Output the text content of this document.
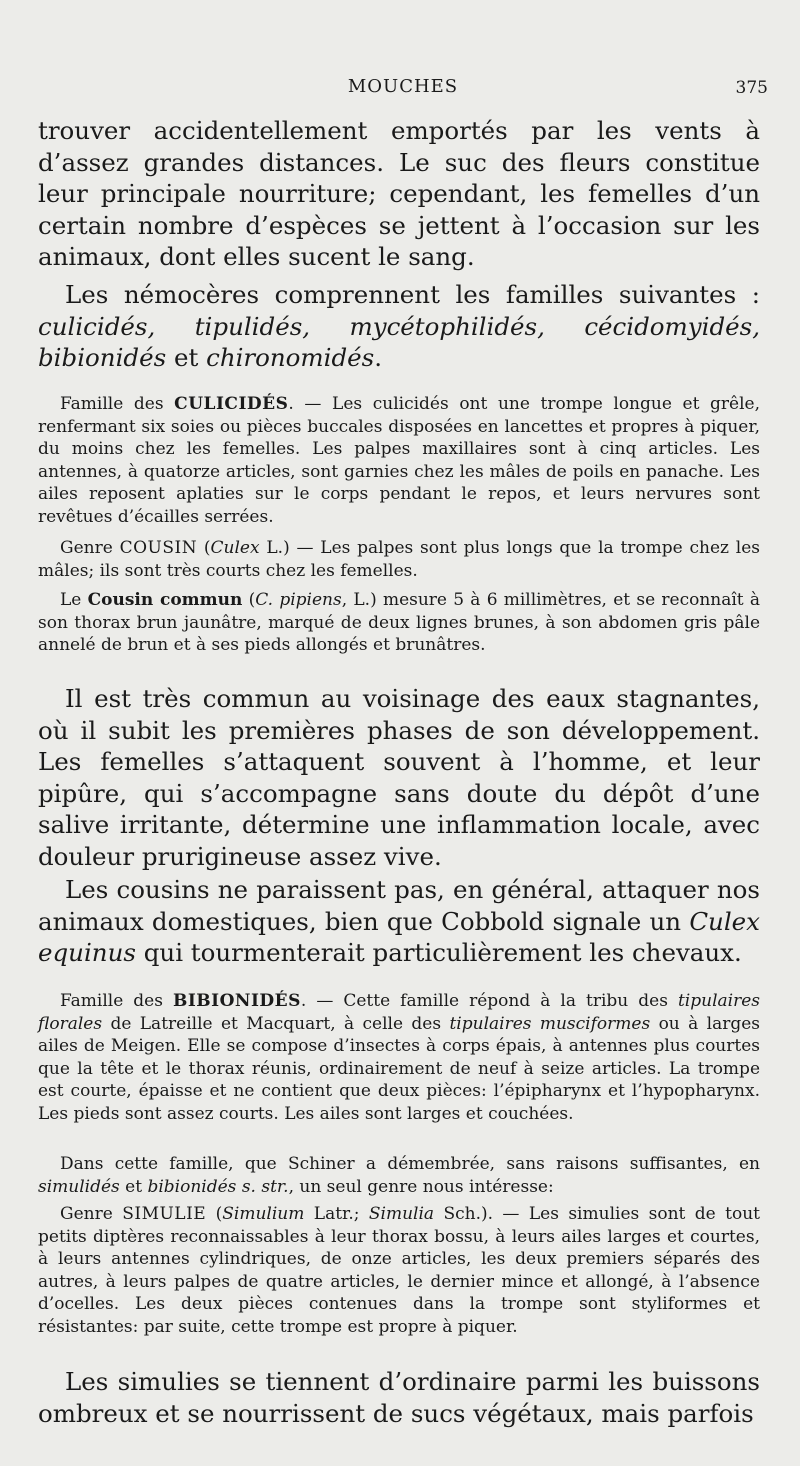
MOUCHES	375

trouver accidentellement emportés par les vents à d’assez grandes distances. Le suc des fleurs constitue leur principale nourriture; cependant, les femelles d’un certain nombre d’espèces se jettent à l’occasion sur les animaux, dont elles sucent le sang.

Les némocères comprennent les familles suivantes : culicidés, tipulidés, mycétophilidés, cécidomyidés, bibionidés et chironomidés.

Famille des CULICIDÉS. — Les culicidés ont une trompe longue et grêle, renfermant six soies ou pièces buccales disposées en lancettes et propres à piquer, du moins chez les femelles. Les palpes maxillaires sont à cinq articles. Les antennes, à quatorze articles, sont garnies chez les mâles de poils en panache. Les ailes reposent aplaties sur le corps pendant le repos, et leurs nervures sont revêtues d’écailles serrées.

Genre COUSIN (Culex L.) — Les palpes sont plus longs que la trompe chez les mâles; ils sont très courts chez les femelles.

Le Cousin commun (C. pipiens, L.) mesure 5 à 6 millimètres, et se reconnaît à son thorax brun jaunâtre, marqué de deux lignes brunes, à son abdomen gris pâle annelé de brun et à ses pieds allongés et brunâtres.

Il est très commun au voisinage des eaux stagnantes, où il subit les premières phases de son développement. Les femelles s’attaquent souvent à l’homme, et leur pipûre, qui s’accompagne sans doute du dépôt d’une salive irritante, détermine une inflammation locale, avec douleur prurigineuse assez vive.

Les cousins ne paraissent pas, en général, attaquer nos animaux domestiques, bien que Cobbold signale un Culex equinus qui tourmenterait particulièrement les chevaux.

Famille des BIBIONIDÉS. — Cette famille répond à la tribu des tipulaires florales de Latreille et Macquart, à celle des tipulaires musciformes ou à larges ailes de Meigen. Elle se compose d’insectes à corps épais, à antennes plus courtes que la tête et le thorax réunis, ordinairement de neuf à seize articles. La trompe est courte, épaisse et ne contient que deux pièces: l’épipharynx et l’hypopharynx. Les pieds sont assez courts. Les ailes sont larges et couchées.

Dans cette famille, que Schiner a démembrée, sans raisons suffisantes, en simulidés et bibionidés s. str., un seul genre nous intéresse:

Genre SIMULIE (Simulium Latr.; Simulia Sch.). — Les simulies sont de tout petits diptères reconnaissables à leur thorax bossu, à leurs ailes larges et courtes, à leurs antennes cylindriques, de onze articles, les deux premiers séparés des autres, à leurs palpes de quatre articles, le dernier mince et allongé, à l’absence d’ocelles. Les deux pièces contenues dans la trompe sont styliformes et résistantes: par suite, cette trompe est propre à piquer.

Les simulies se tiennent d’ordinaire parmi les buissons ombreux et se nourrissent de sucs végétaux, mais parfois
